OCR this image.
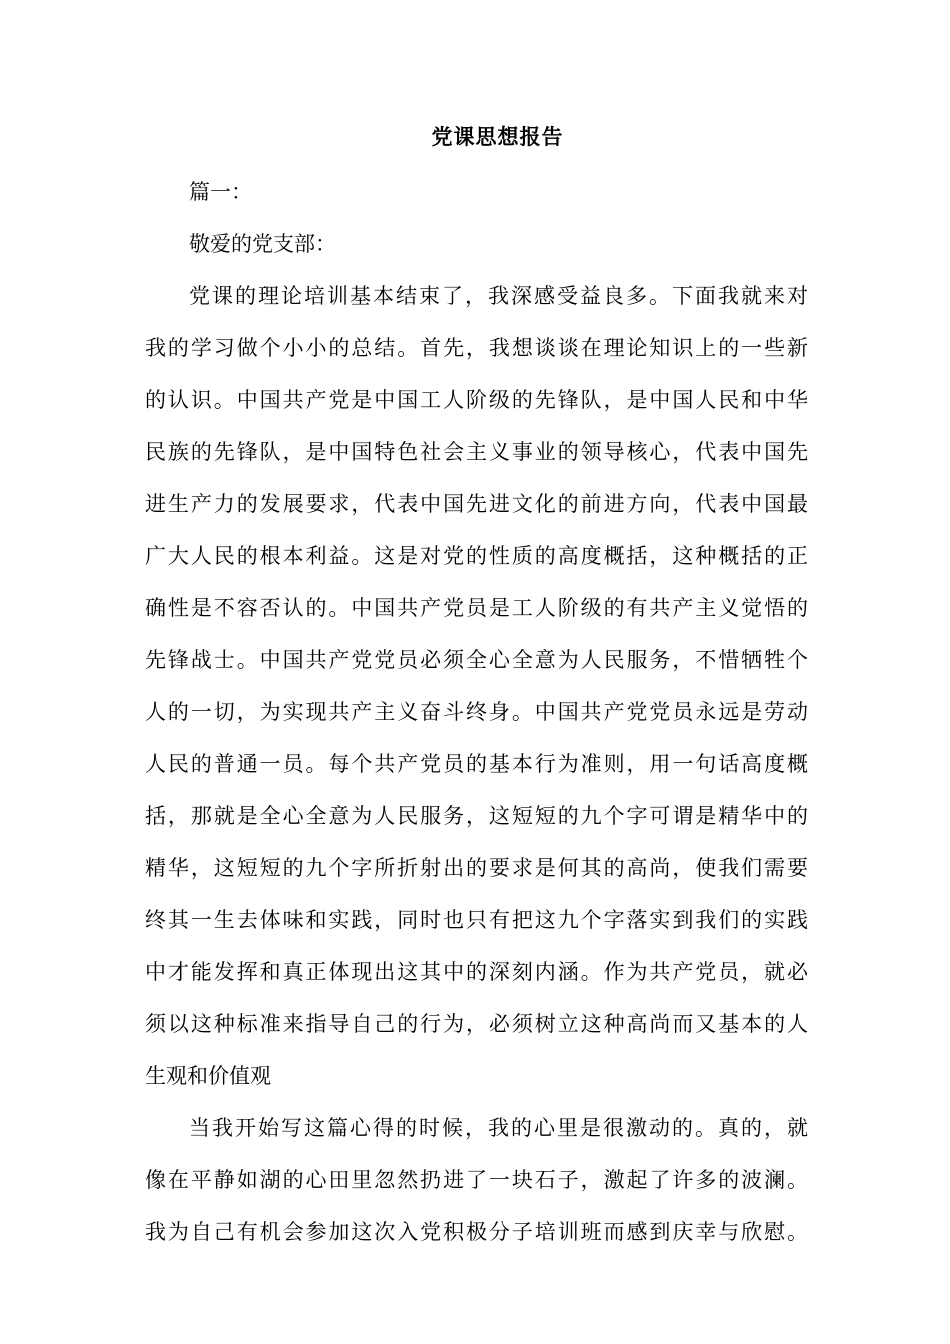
党课思想报告
篇一：
敬爱的党支部：
党课的理论培训基本结束了，我深感受益良多。下面我就来对
我的学习做个小小的总结。首先，我想谈谈在理论知识上的一些新
的认识。中国共产党是中国工人阶级的先锋队，是中国人民和中华
民族的先锋队，是中国特色社会主义事业的领导核心，代表中国先
进生产力的发展要求，代表中国先进文化的前进方向，代表中国最
广大人民的根本利益。这是对党的性质的高度概括，这种概括的正
确性是不容否认的。中国共产党员是工人阶级的有共产主义觉悟的
先锋战士。中国共产党党员必须全心全意为人民服务，不惜牺牲个
人的一切，为实现共产主义奋斗终身。中国共产党党员永远是劳动
人民的普通一员。每个共产党员的基本行为准则，用一句话高度概
括，那就是全心全意为人民服务，这短短的九个字可谓是精华中的
精华，这短短的九个字所折射出的要求是何其的高尚，使我们需要
终其一生去体味和实践，同时也只有把这九个字落实到我们的实践
中才能发挥和真正体现出这其中的深刻内涵。作为共产党员，就必
须以这种标准来指导自己的行为，必须树立这种高尚而又基本的人
生观和价值观
当我开始写这篇心得的时候，我的心里是很激动的。真的，就
像在平静如湖的心田里忽然扔进了一块石子，激起了许多的波澜。
我为自己有机会参加这次入党积极分子培训班而感到庆幸与欣慰。
